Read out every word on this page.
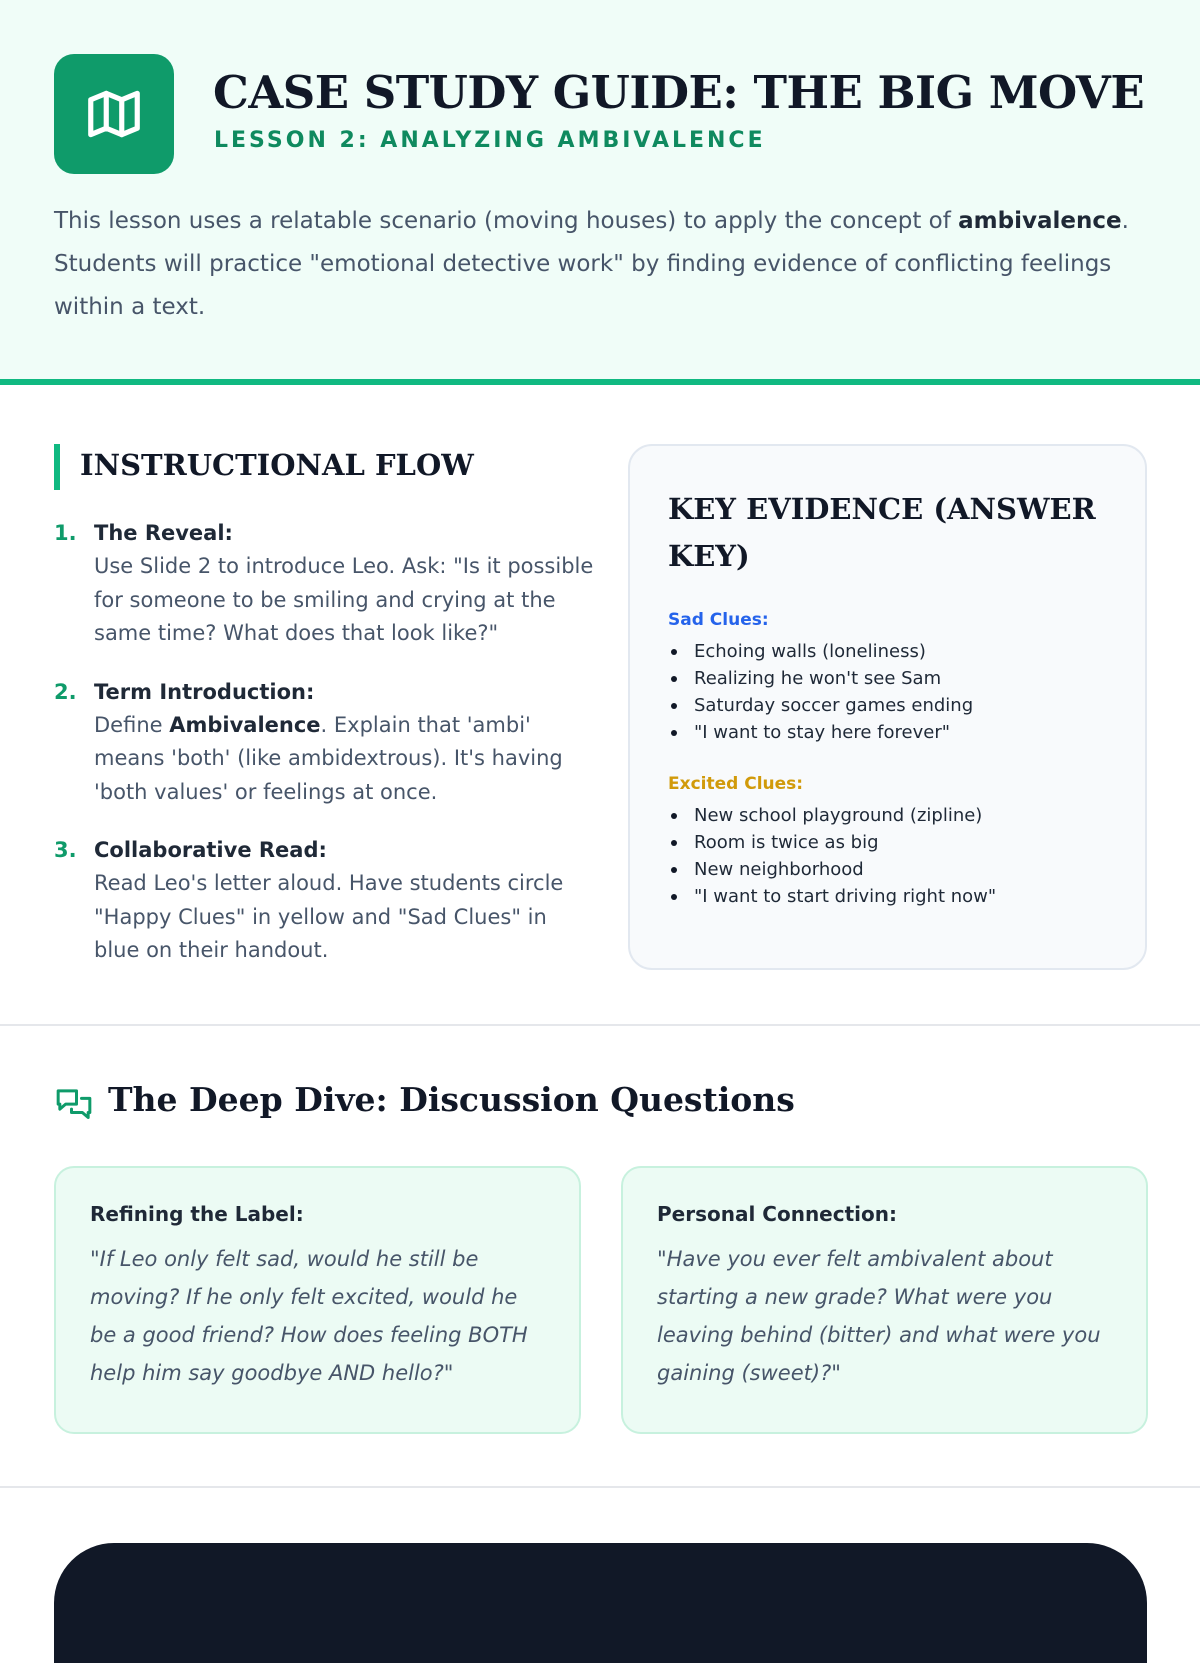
CASE STUDY GUIDE: THE BIG MOVE
LESSON 2: ANALYZING AMBIVALENCE

This lesson uses a relatable scenario (moving houses) to apply the concept of ambivalence. Students will practice "emotional detective work" by finding evidence of conflicting feelings within a text.

INSTRUCTIONAL FLOW
1. The Reveal:
Use Slide 2 to introduce Leo. Ask: "Is it possible for someone to be smiling and crying at the same time? What does that look like?"
2. Term Introduction:
Define Ambivalence. Explain that 'ambi' means 'both' (like ambidextrous). It's having 'both values' or feelings at once.
3. Collaborative Read:
Read Leo's letter aloud. Have students circle "Happy Clues" in yellow and "Sad Clues" in blue on their handout.
KEY EVIDENCE (ANSWER KEY)
Sad Clues:
Echoing walls (loneliness)
Realizing he won't see Sam
Saturday soccer games ending
"I want to stay here forever"
Excited Clues:
New school playground (zipline)
Room is twice as big
New neighborhood
"I want to start driving right now"
The Deep Dive: Discussion Questions
Refining the Label:

"If Leo only felt sad, would he still be moving? If he only felt excited, would he be a good friend? How does feeling BOTH help him say goodbye AND hello?"

Personal Connection:

"Have you ever felt ambivalent about starting a new grade? What were you leaving behind (bitter) and what were you gaining (sweet)?"
